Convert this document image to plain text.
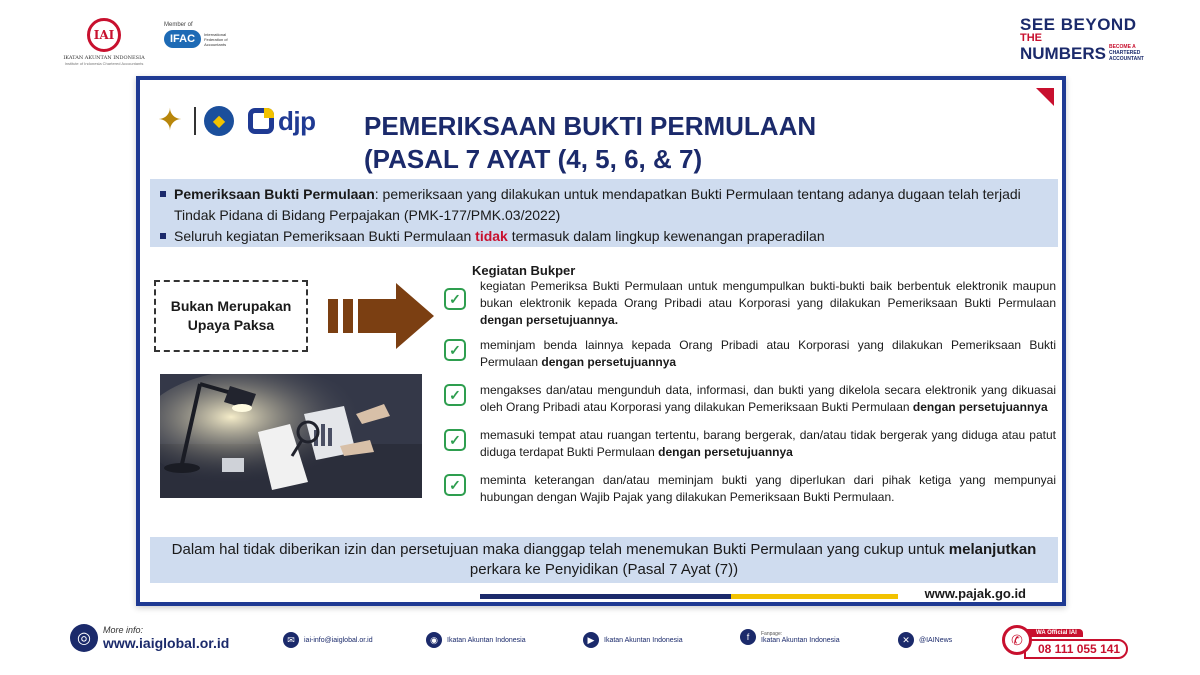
IAI
IKATAN AKUNTAN INDONESIA
Institute of Indonesia Chartered Accountants
Member of
IFAC	International Federation of Accountants
SEE BEYOND
THE
NUMBERS BECOME A
CHARTERED
ACCOUNTANT
✦	◆	djp PEMERIKSAAN BUKTI PERMULAAN
(PASAL 7 AYAT (4, 5, 6, & 7)
Pemeriksaan Bukti Permulaan: pemeriksaan yang dilakukan untuk mendapatkan Bukti Permulaan tentang adanya dugaan telah terjadi Tindak Pidana di Bidang Perpajakan (PMK-177/PMK.03/2022)
Seluruh kegiatan Pemeriksaan Bukti Permulaan tidak termasuk dalam lingkup kewenangan praperadilan
Bukan Merupakan
Upaya Paksa
Kegiatan Bukper
✓
kegiatan Pemeriksa Bukti Permulaan untuk mengumpulkan bukti-bukti baik berbentuk elektronik maupun bukan elektronik kepada Orang Pribadi atau Korporasi yang dilakukan Pemeriksaan Bukti Permulaan dengan persetujuannya.
✓	meminjam benda lainnya kepada Orang Pribadi atau Korporasi yang dilakukan Pemeriksaan Bukti Permulaan dengan persetujuannya
✓	mengakses dan/atau mengunduh data, informasi, dan bukti yang dikelola secara elektronik yang dikuasai oleh Orang Pribadi atau Korporasi yang dilakukan Pemeriksaan Bukti Permulaan dengan persetujuannya
✓	memasuki tempat atau ruangan tertentu, barang bergerak, dan/atau tidak bergerak yang diduga atau patut diduga terdapat Bukti Permulaan dengan persetujuannya
✓	meminta keterangan dan/atau meminjam bukti yang diperlukan dari pihak ketiga yang mempunyai hubungan dengan Wajib Pajak yang dilakukan Pemeriksaan Bukti Permulaan.
Dalam hal tidak diberikan izin dan persetujuan maka dianggap telah menemukan Bukti Permulaan yang cukup untuk melanjutkan perkara ke Penyidikan (Pasal 7 Ayat (7))
www.pajak.go.id
◎	More info:
www.iaiglobal.or.id	✉	iai-info@iaiglobal.or.id	◉	Ikatan Akuntan Indonesia	▶	Ikatan Akuntan Indonesia	f	Fanpage:
Ikatan Akuntan Indonesia	✕	@IAINews	✆	WA Official IAI
08 111 055 141
